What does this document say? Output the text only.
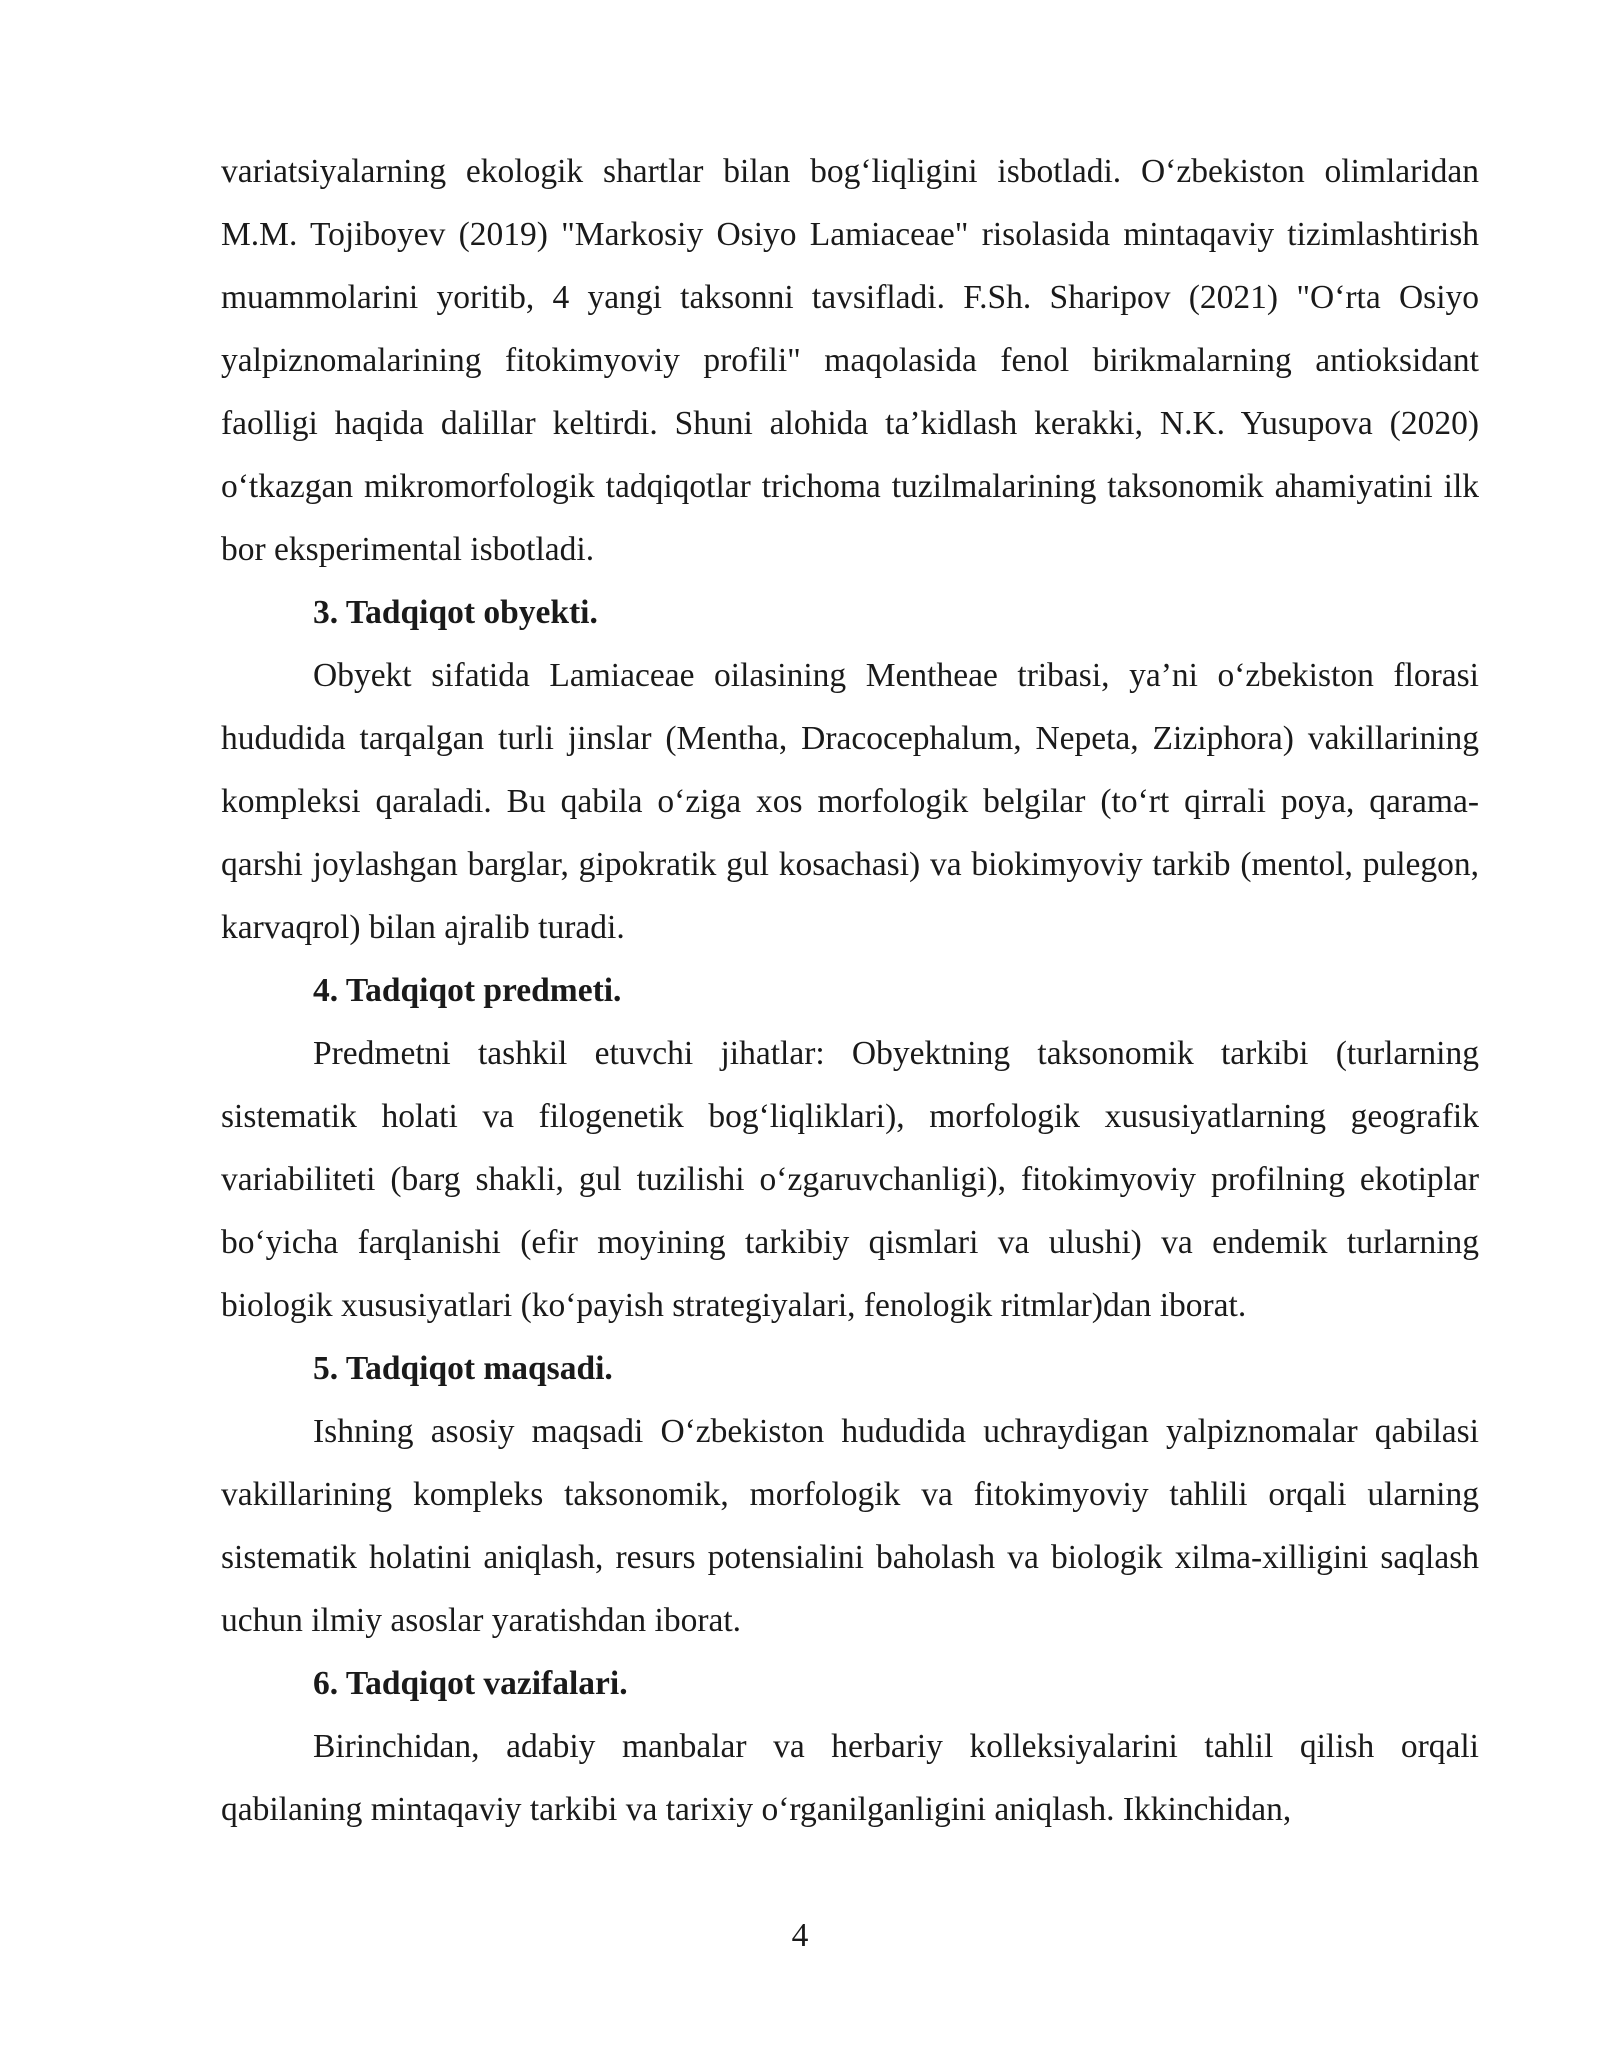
variatsiyalarning ekologik shartlar bilan bog‘liqligini isbotladi. O‘zbekiston olimlaridan M.M. Tojiboyev (2019) "Markosiy Osiyo Lamiaceae" risolasida mintaqaviy tizimlashtirish muammolarini yoritib, 4 yangi taksonni tavsifladi. F.Sh. Sharipov (2021) "O‘rta Osiyo yalpiznomalarining fitokimyoviy profili" maqolasida fenol birikmalarning antioksidant faolligi haqida dalillar keltirdi. Shuni alohida ta’kidlash kerakki, N.K. Yusupova (2020) o‘tkazgan mikromorfologik tadqiqotlar trichoma tuzilmalarining taksonomik ahamiyatini ilk bor eksperimental isbotladi.

3. Tadqiqot obyekti.

Obyekt sifatida Lamiaceae oilasining Mentheae tribasi, ya’ni o‘zbekiston florasi hududida tarqalgan turli jinslar (Mentha, Dracocephalum, Nepeta, Ziziphora) vakillarining kompleksi qaraladi. Bu qabila o‘ziga xos morfologik belgilar (to‘rt qirrali poya, qarama-qarshi joylashgan barglar, gipokratik gul kosachasi) va biokimyoviy tarkib (mentol, pulegon, karvaqrol) bilan ajralib turadi.

4. Tadqiqot predmeti.

Predmetni tashkil etuvchi jihatlar: Obyektning taksonomik tarkibi (turlarning sistematik holati va filogenetik bog‘liqliklari), morfologik xususiyatlarning geografik variabiliteti (barg shakli, gul tuzilishi o‘zgaruvchanligi), fitokimyoviy profilning ekotiplar bo‘yicha farqlanishi (efir moyining tarkibiy qismlari va ulushi) va endemik turlarning biologik xususiyatlari (ko‘payish strategiyalari, fenologik ritmlar)dan iborat.

5. Tadqiqot maqsadi.

Ishning asosiy maqsadi O‘zbekiston hududida uchraydigan yalpiznomalar qabilasi vakillarining kompleks taksonomik, morfologik va fitokimyoviy tahlili orqali ularning sistematik holatini aniqlash, resurs potensialini baholash va biologik xilma-xilligini saqlash uchun ilmiy asoslar yaratishdan iborat.

6. Tadqiqot vazifalari.

Birinchidan, adabiy manbalar va herbariy kolleksiyalarini tahlil qilish orqali qabilaning mintaqaviy tarkibi va tarixiy o‘rganilganligini aniqlash. Ikkinchidan,

4
